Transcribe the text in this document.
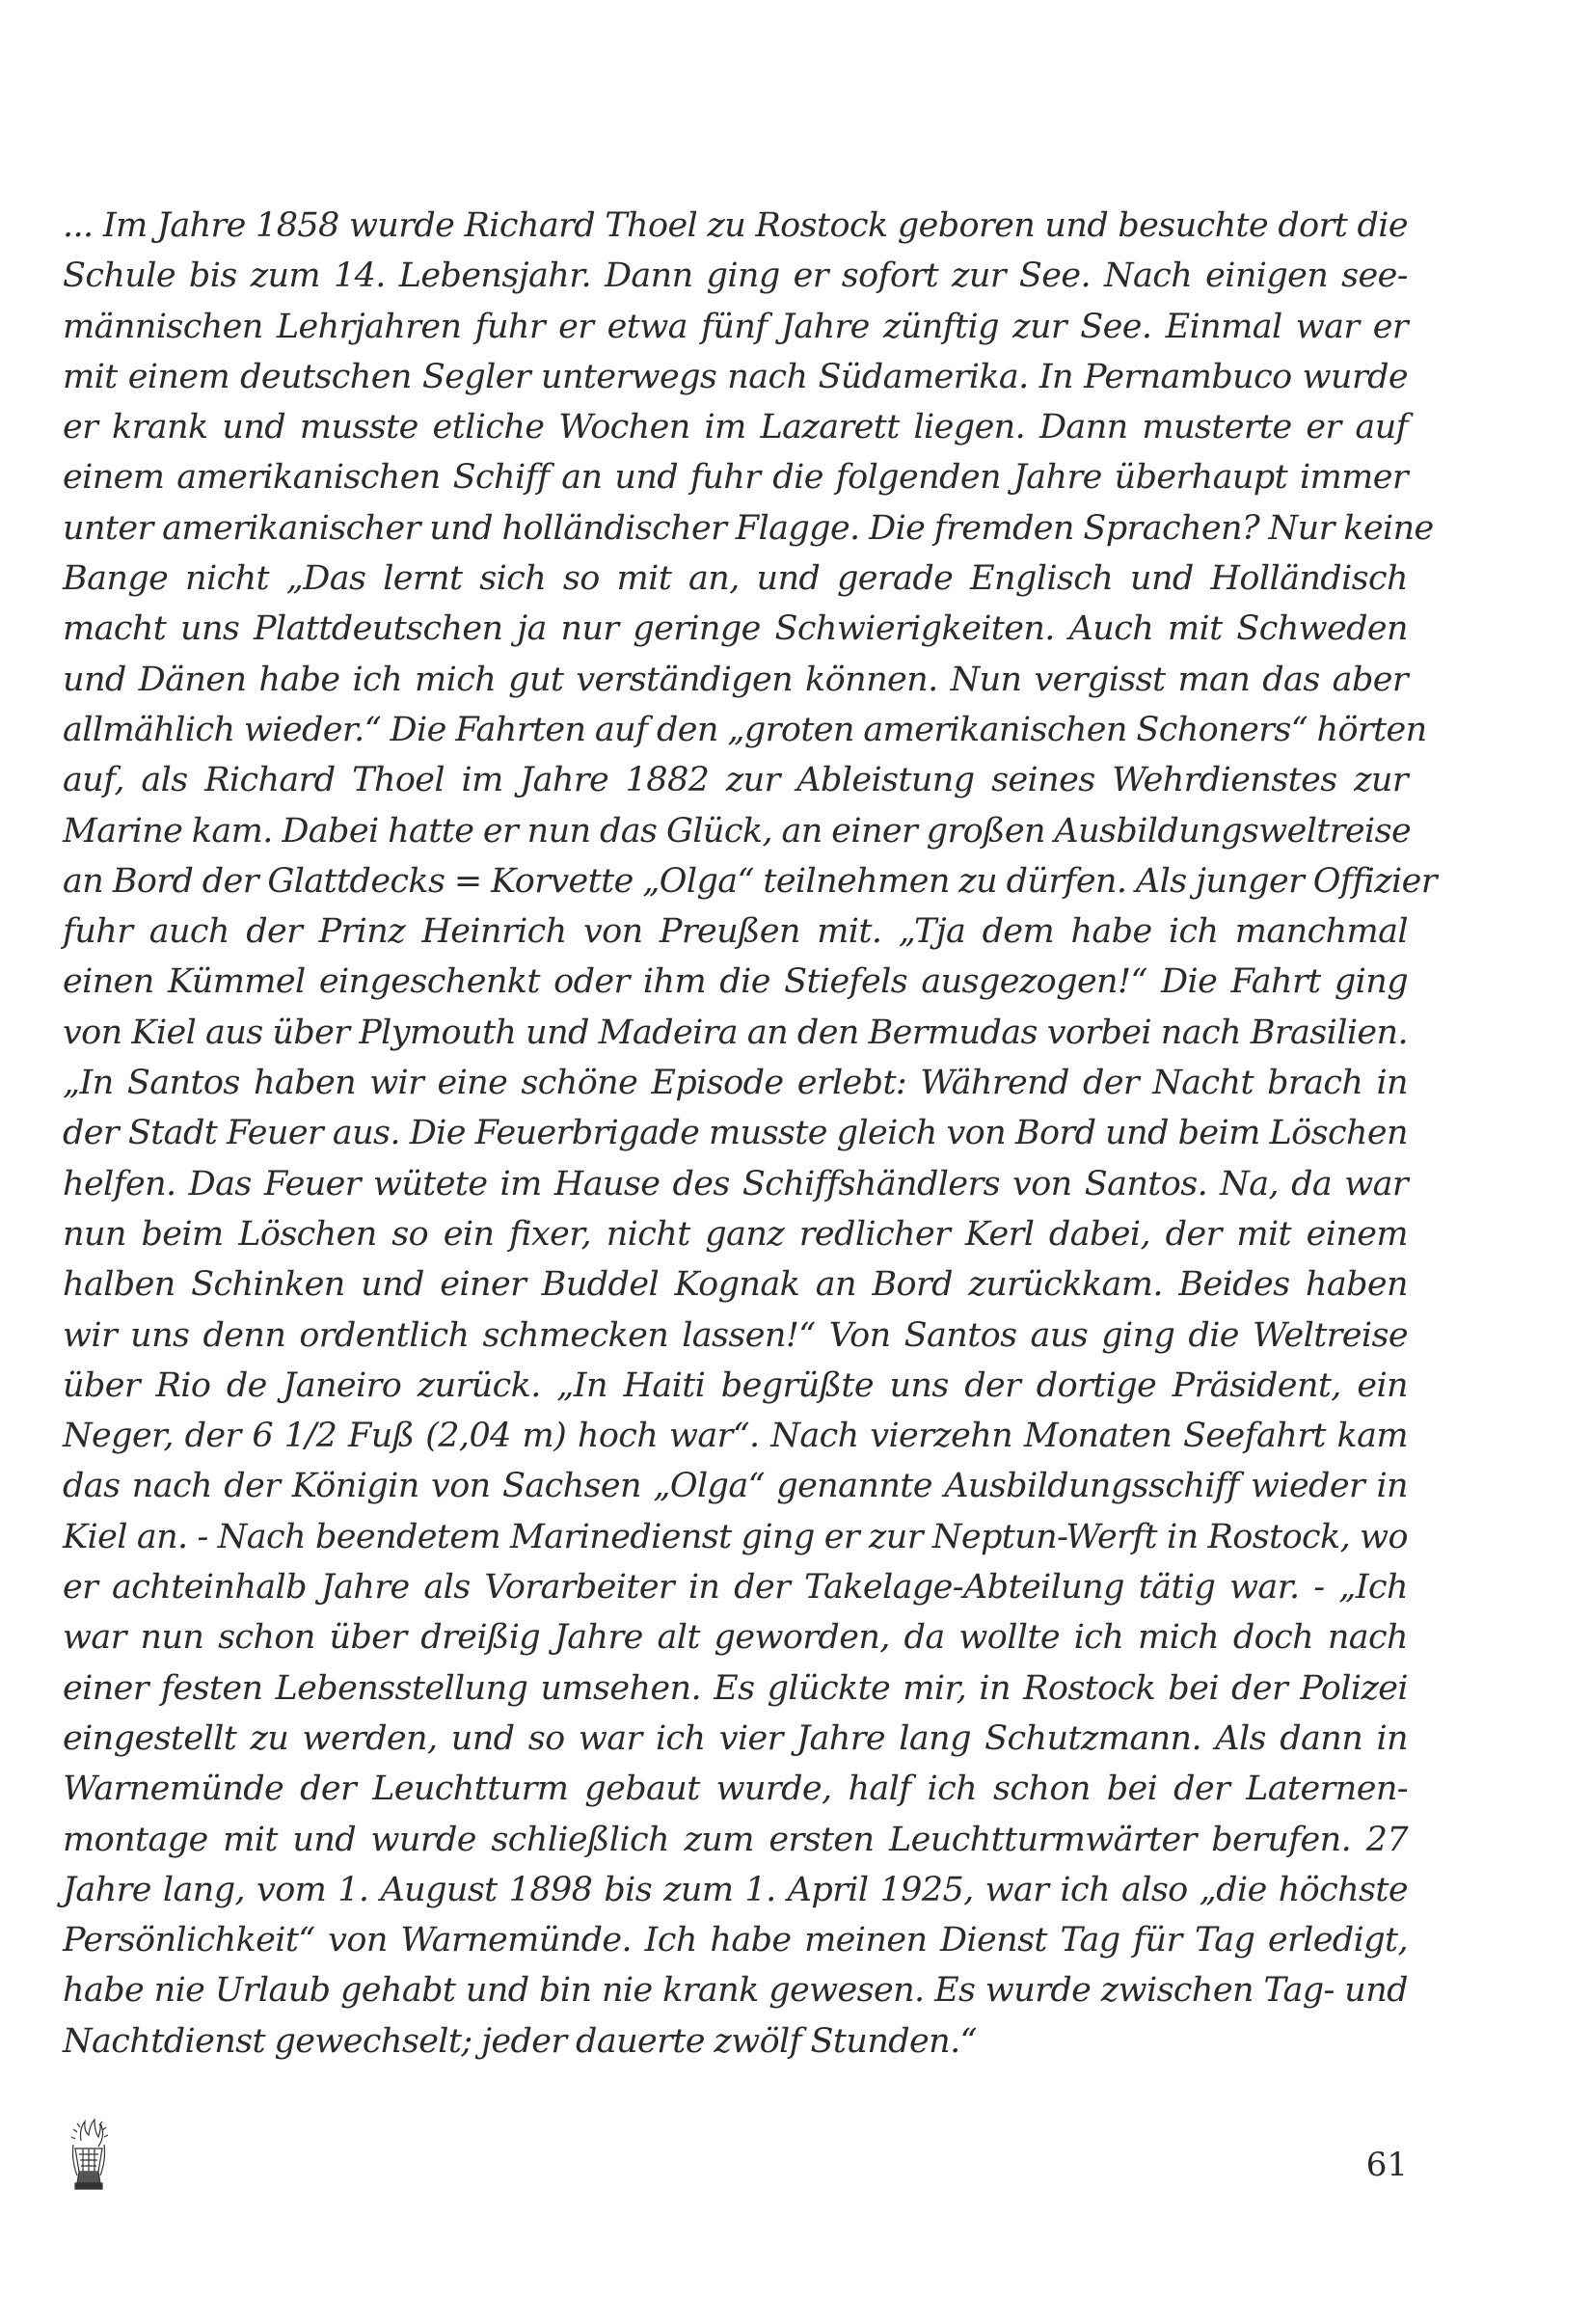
... Im Jahre 1858 wurde Richard Thoel zu Rostock geboren und besuchte dort die
Schule bis zum 14. Lebensjahr. Dann ging er sofort zur See. Nach einigen see-
männischen Lehrjahren fuhr er etwa fünf Jahre zünftig zur See. Einmal war er
mit einem deutschen Segler unterwegs nach Südamerika. In Pernambuco wurde
er krank und musste etliche Wochen im Lazarett liegen. Dann musterte er auf
einem amerikanischen Schiff an und fuhr die folgenden Jahre überhaupt immer
unter amerikanischer und holländischer Flagge. Die fremden Sprachen? Nur keine
Bange nicht „Das lernt sich so mit an, und gerade Englisch und Holländisch
macht uns Plattdeutschen ja nur geringe Schwierigkeiten. Auch mit Schweden
und Dänen habe ich mich gut verständigen können. Nun vergisst man das aber
allmählich wieder.“ Die Fahrten auf den „groten amerikanischen Schoners“ hörten
auf, als Richard Thoel im Jahre 1882 zur Ableistung seines Wehrdienstes zur
Marine kam. Dabei hatte er nun das Glück, an einer großen Ausbildungsweltreise
an Bord der Glattdecks = Korvette „Olga“ teilnehmen zu dürfen. Als junger Offizier
fuhr auch der Prinz Heinrich von Preußen mit. „Tja dem habe ich manchmal
einen Kümmel eingeschenkt oder ihm die Stiefels ausgezogen!“ Die Fahrt ging
von Kiel aus über Plymouth und Madeira an den Bermudas vorbei nach Brasilien.
„In Santos haben wir eine schöne Episode erlebt: Während der Nacht brach in
der Stadt Feuer aus. Die Feuerbrigade musste gleich von Bord und beim Löschen
helfen. Das Feuer wütete im Hause des Schiffshändlers von Santos. Na, da war
nun beim Löschen so ein fixer, nicht ganz redlicher Kerl dabei, der mit einem
halben Schinken und einer Buddel Kognak an Bord zurückkam. Beides haben
wir uns denn ordentlich schmecken lassen!“ Von Santos aus ging die Weltreise
über Rio de Janeiro zurück. „In Haiti begrüßte uns der dortige Präsident, ein
Neger, der 6 1/2 Fuß (2,04 m) hoch war“. Nach vierzehn Monaten Seefahrt kam
das nach der Königin von Sachsen „Olga“ genannte Ausbildungsschiff wieder in
Kiel an. - Nach beendetem Marinedienst ging er zur Neptun-Werft in Rostock, wo
er achteinhalb Jahre als Vorarbeiter in der Takelage-Abteilung tätig war. - „Ich
war nun schon über dreißig Jahre alt geworden, da wollte ich mich doch nach
einer festen Lebensstellung umsehen. Es glückte mir, in Rostock bei der Polizei
eingestellt zu werden, und so war ich vier Jahre lang Schutzmann. Als dann in
Warnemünde der Leuchtturm gebaut wurde, half ich schon bei der Laternen-
montage mit und wurde schließlich zum ersten Leuchtturmwärter berufen. 27
Jahre lang, vom 1. August 1898 bis zum 1. April 1925, war ich also „die höchste
Persönlichkeit“ von Warnemünde. Ich habe meinen Dienst Tag für Tag erledigt,
habe nie Urlaub gehabt und bin nie krank gewesen. Es wurde zwischen Tag- und
Nachtdienst gewechselt; jeder dauerte zwölf Stunden.“
61
